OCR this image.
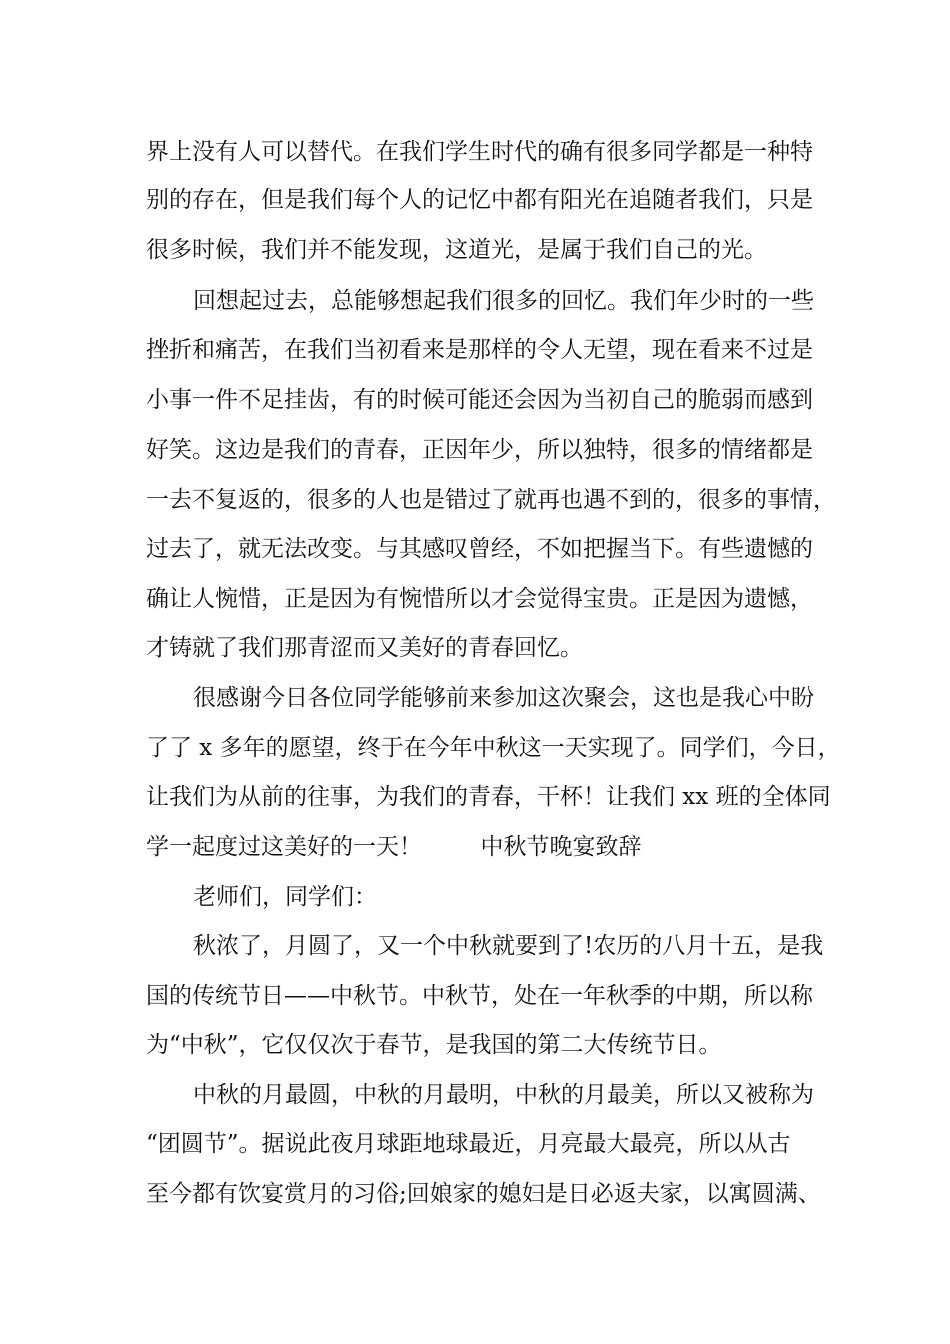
界上没有人可以替代。在我们学生时代的确有很多同学都是一种特
别的存在，但是我们每个人的记忆中都有阳光在追随者我们，只是
很多时候，我们并不能发现，这道光，是属于我们自己的光。
回想起过去，总能够想起我们很多的回忆。我们年少时的一些
挫折和痛苦，在我们当初看来是那样的令人无望，现在看来不过是
小事一件不足挂齿，有的时候可能还会因为当初自己的脆弱而感到
好笑。这边是我们的青春，正因年少，所以独特，很多的情绪都是
一去不复返的，很多的人也是错过了就再也遇不到的，很多的事情，
过去了，就无法改变。与其感叹曾经，不如把握当下。有些遗憾的
确让人惋惜，正是因为有惋惜所以才会觉得宝贵。正是因为遗憾，
才铸就了我们那青涩而又美好的青春回忆。
很感谢今日各位同学能够前来参加这次聚会，这也是我心中盼
了了 x 多年的愿望，终于在今年中秋这一天实现了。同学们，今日，
让我们为从前的往事，为我们的青春，干杯！让我们 xx 班的全体同
学一起度过这美好的一天！        中秋节晚宴致辞
老师们，同学们：
秋浓了，月圆了，又一个中秋就要到了!农历的八月十五，是我
国的传统节日——中秋节。中秋节，处在一年秋季的中期，所以称
为“中秋”，它仅仅次于春节，是我国的第二大传统节日。
中秋的月最圆，中秋的月最明，中秋的月最美，所以又被称为
“团圆节”。据说此夜月球距地球最近，月亮最大最亮，所以从古
至今都有饮宴赏月的习俗;回娘家的媳妇是日必返夫家，以寓圆满、
